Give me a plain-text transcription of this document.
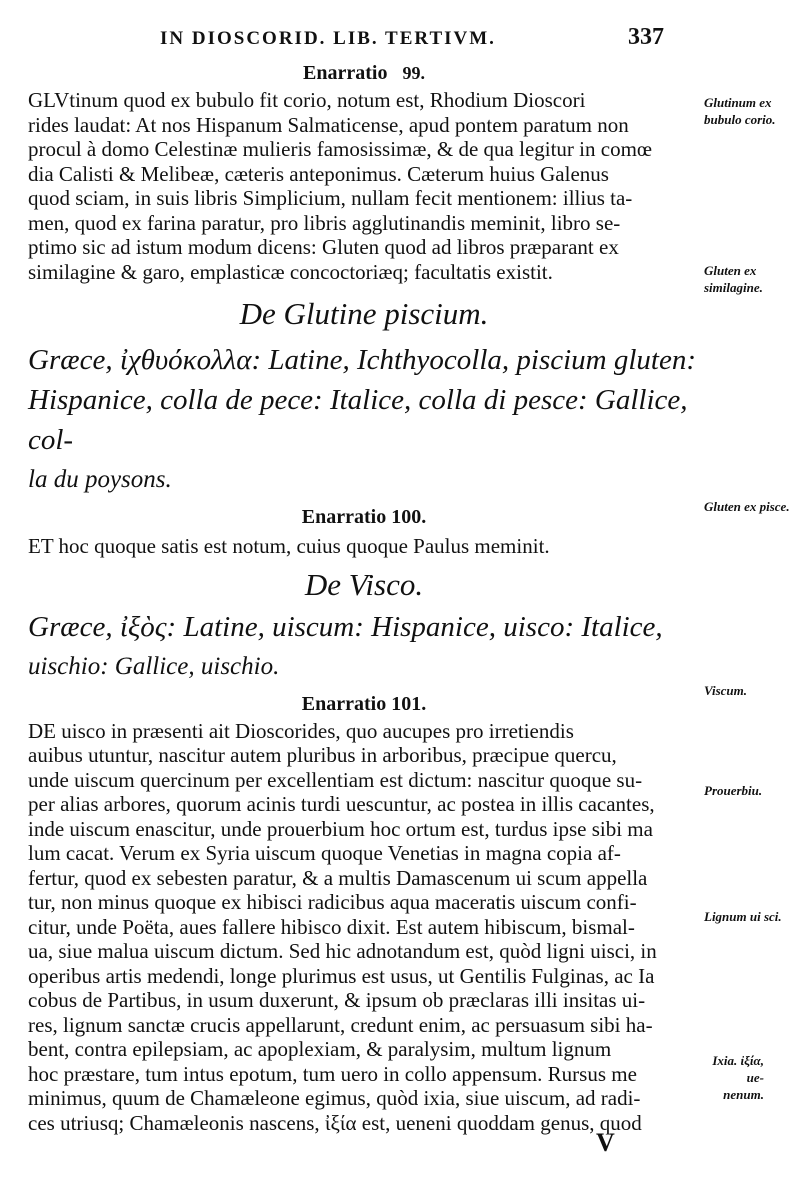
IN DIOSCORID. LIB. TERTIVM.	337

Enarratio 99.

GLVtinum quod ex bubulo fit corio, notum est, Rhodium Dioscori

rides laudat: At nos Hispanum Salmaticense, apud pontem paratum non

procul à domo Celestinæ mulieris famosissimæ, & de qua legitur in comœ

dia Calisti & Melibeæ, cæteris anteponimus. Cæterum huius Galenus

quod sciam, in suis libris Simplicium, nullam fecit mentionem: illius ta-

men, quod ex farina paratur, pro libris agglutinandis meminit, libro se-

ptimo sic ad istum modum dicens: Gluten quod ad libros præparant ex

similagine & garo, emplasticæ concoctoriæq; facultatis existit.

De Glutine piscium.

Græce, ἰχθυόκολλα: Latine, Ichthyocolla, piscium gluten:

Hispanice, colla de pece: Italice, colla di pesce: Gallice, col-

la du poysons.

Enarratio 100.

ET hoc quoque satis est notum, cuius quoque Paulus meminit.

De Visco.

Græce, ἰξὸς: Latine, uiscum: Hispanice, uisco: Italice,

uischio: Gallice, uischio.

Enarratio 101.

DE uisco in præsenti ait Dioscorides, quo aucupes pro irretiendis

auibus utuntur, nascitur autem pluribus in arboribus, præcipue quercu,

unde uiscum quercinum per excellentiam est dictum: nascitur quoque su-

per alias arbores, quorum acinis turdi uescuntur, ac postea in illis cacantes,

inde uiscum enascitur, unde prouerbium hoc ortum est, turdus ipse sibi ma

lum cacat. Verum ex Syria uiscum quoque Venetias in magna copia af-

fertur, quod ex sebesten paratur, & a multis Damascenum ui scum appella

tur, non minus quoque ex hibisci radicibus aqua maceratis uiscum confi-

citur, unde Poëta, aues fallere hibisco dixit. Est autem hibiscum, bismal-

ua, siue malua uiscum dictum. Sed hic adnotandum est, quòd ligni uisci, in

operibus artis medendi, longe plurimus est usus, ut Gentilis Fulginas, ac Ia

cobus de Partibus, in usum duxerunt, & ipsum ob præclaras illi insitas ui-

res, lignum sanctæ crucis appellarunt, credunt enim, ac persuasum sibi ha-

bent, contra epilepsiam, ac apoplexiam, & paralysim, multum lignum

hoc præstare, tum intus epotum, tum uero in collo appensum. Rursus me

minimus, quum de Chamæleone egimus, quòd ixia, siue uiscum, ad radi-

ces utriusq; Chamæleonis nascens, ἰξία est, ueneni quoddam genus, quod

Glutinum ex bubulo corio.
Gluten ex similagine.
Gluten ex pisce.
Viscum.
Prouerbiu.
Lignum ui sci.
Ixia. ἰξία, ue- nenum.
V
